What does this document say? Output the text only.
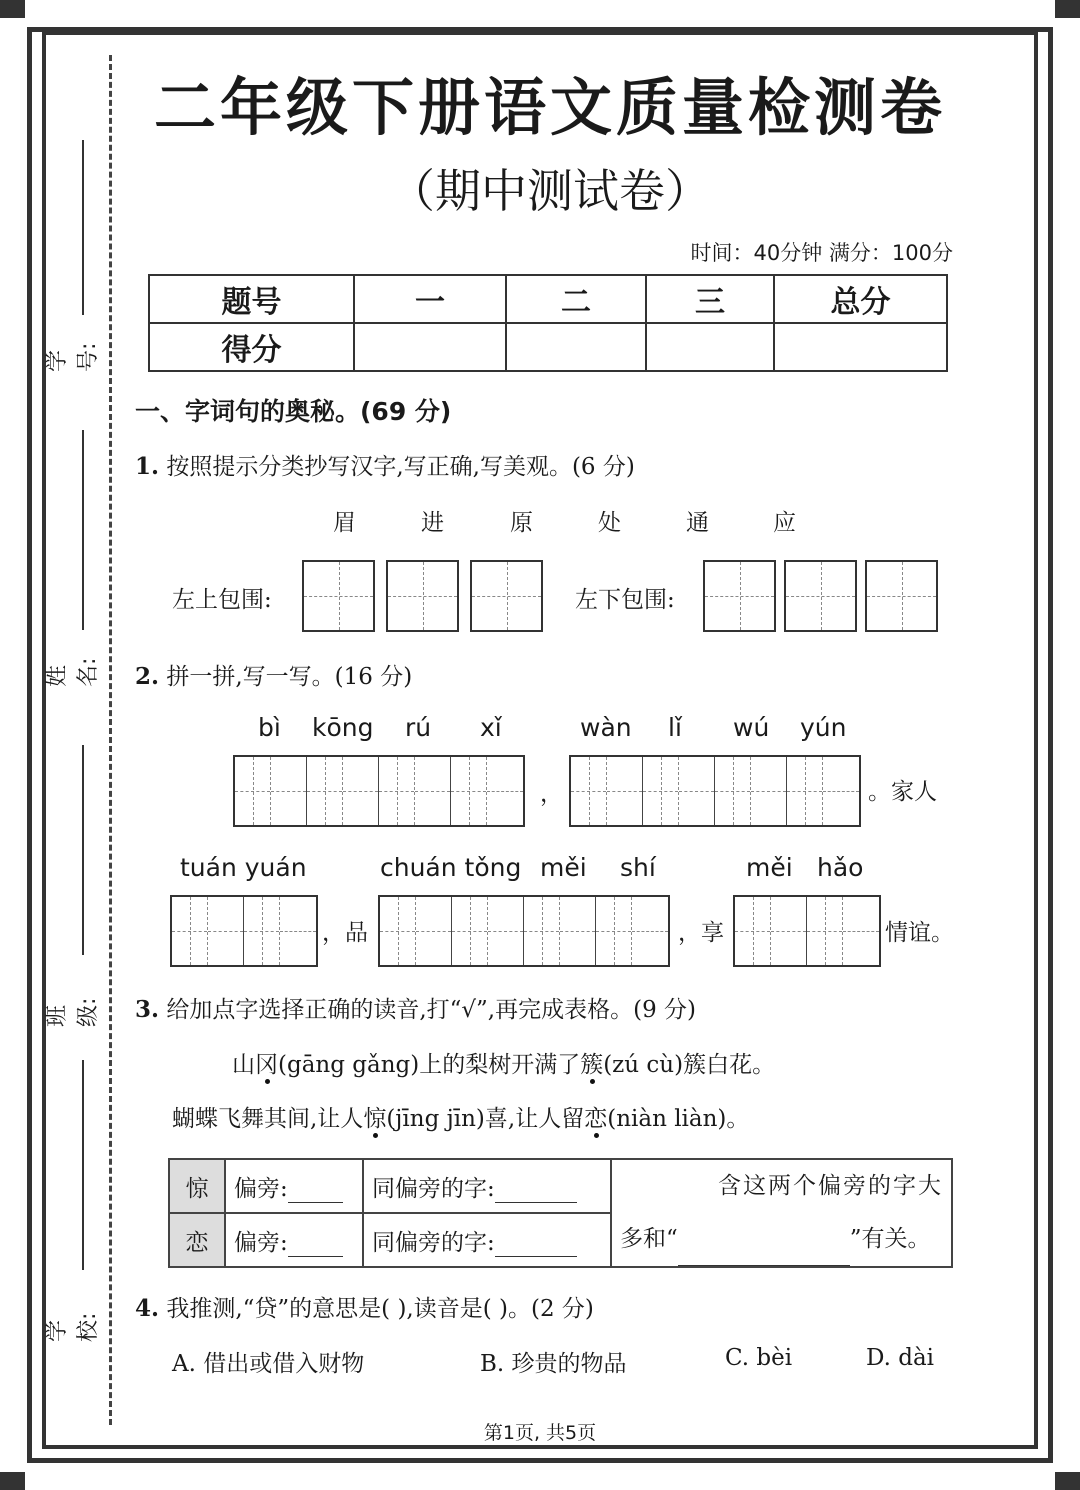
学号:
姓名:
班级:
学校:
二年级下册语文质量检测卷
（期中测试卷）
时间：40分钟 满分：100分
题号	一	二	三	总分
得分				
一、字词句的奥秘。(69 分)
1. 按照提示分类抄写汉字,写正确,写美观。(6 分)
眉	进	原	处	通	应
左上包围:	左下包围:
2. 拼一拼,写一写。(16 分)
bì kōng rú xǐ	wàn lǐ wú yún
，	。家人
tuán yuán	chuán tǒng měi shí	měi hǎo
，品	，享	情谊。
3. 给加点字选择正确的读音,打“√”,再完成表格。(9 分)
山冈(gāng gǎng)上的梨树开满了簇(zú cù)簇白花。
蝴蝶飞舞其间,让人惊(jīng jīn)喜,让人留恋(niàn liàn)。
惊	偏旁:	同偏旁的字:	含这两个偏旁的字大
多和“ ”有关。

恋	偏旁:	同偏旁的字:	
4. 我推测,“贷”的意思是( ),读音是( )。(2 分)
A. 借出或借入财物	B. 珍贵的物品	C. bèi	D. dài
第1页, 共5页
